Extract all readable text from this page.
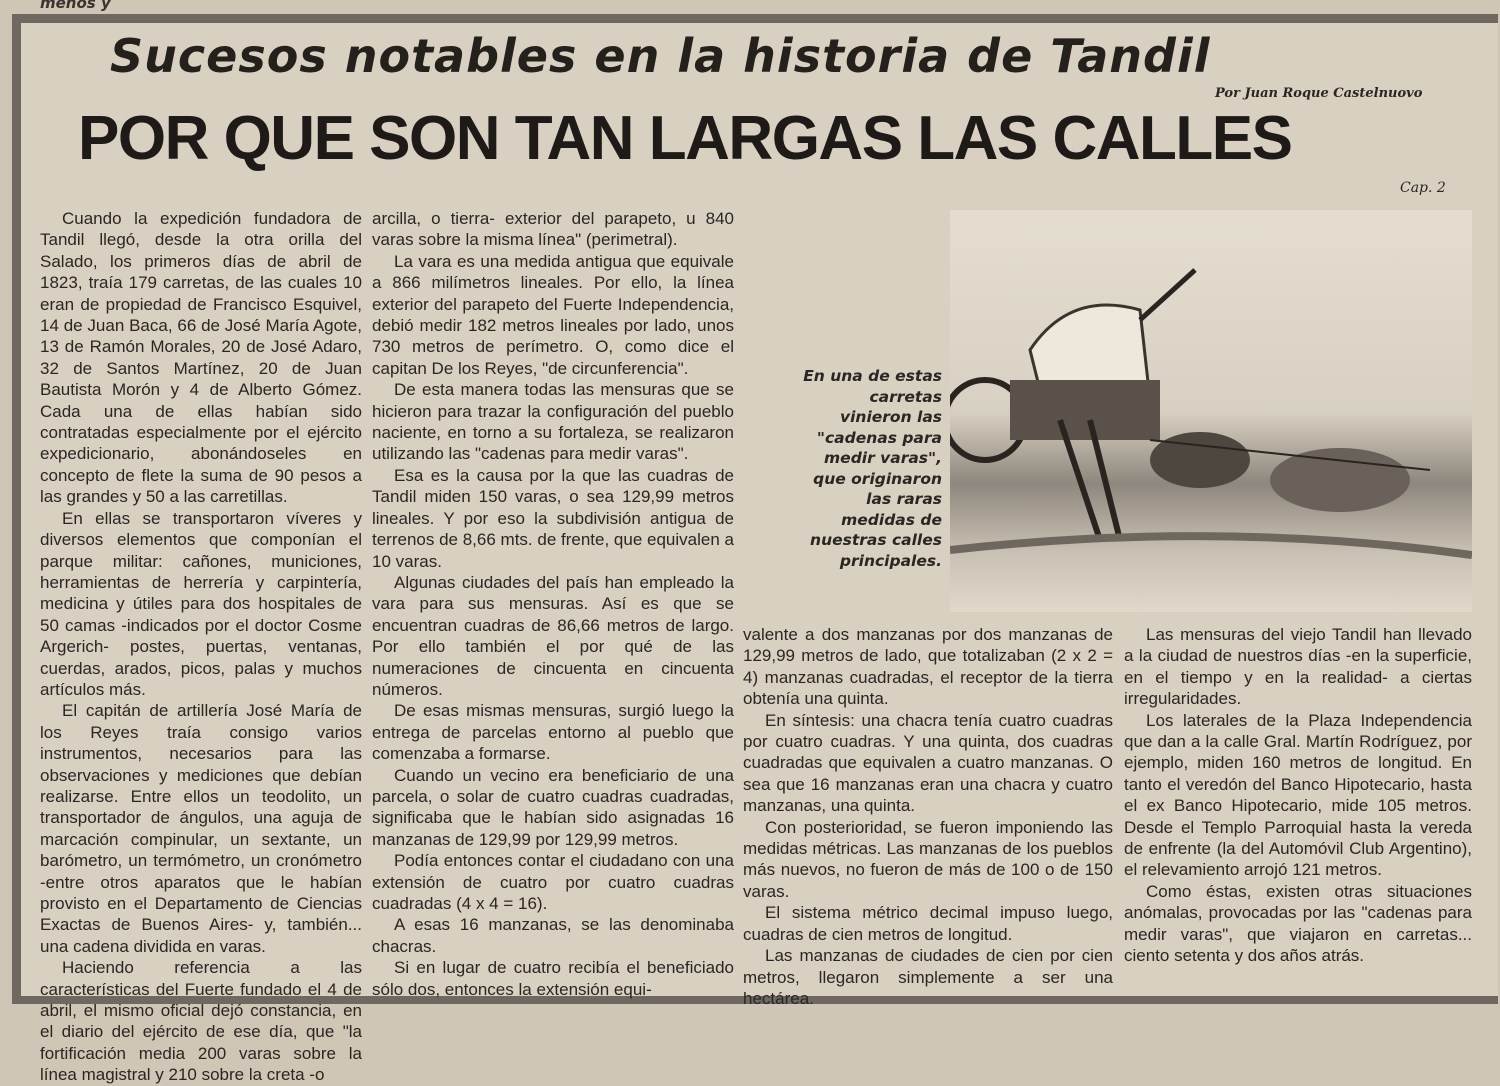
menos y
Sucesos notables en la historia de Tandil
Por Juan Roque Castelnuovo
POR QUE SON TAN LARGAS LAS CALLES
Cap. 2

Cuando la expedición fundadora de Tandil llegó, desde la otra orilla del Salado, los primeros días de abril de 1823, traía 179 carretas, de las cuales 10 eran de propiedad de Francisco Esquivel, 14 de Juan Baca, 66 de José María Agote, 13 de Ramón Morales, 20 de José Adaro, 32 de Santos Martínez, 20 de Juan Bautista Morón y 4 de Alberto Gómez. Cada una de ellas habían sido contratadas especialmente por el ejército expedicionario, abonándoseles en concepto de flete la suma de 90 pesos a las grandes y 50 a las carretillas.

En ellas se transportaron víveres y diversos elementos que componían el parque militar: cañones, municiones, herramientas de herrería y carpintería, medicina y útiles para dos hospitales de 50 camas -indicados por el doctor Cosme Argerich- postes, puertas, ventanas, cuerdas, arados, picos, palas y muchos artículos más.

El capitán de artillería José María de los Reyes traía consigo varios instrumentos, necesarios para las observaciones y mediciones que debían realizarse. Entre ellos un teodolito, un transportador de ángulos, una aguja de marcación compinular, un sextante, un barómetro, un termómetro, un cronómetro -entre otros aparatos que le habían provisto en el Departamento de Ciencias Exactas de Buenos Aires- y, también... una cadena dividida en varas.

Haciendo referencia a las características del Fuerte fundado el 4 de abril, el mismo oficial dejó constancia, en el diario del ejército de ese día, que "la fortificación media 200 varas sobre la línea magistral y 210 sobre la creta -o

arcilla, o tierra- exterior del parapeto, u 840 varas sobre la misma línea" (perimetral).

La vara es una medida antigua que equivale a 866 milímetros lineales. Por ello, la línea exterior del parapeto del Fuerte Independencia, debió medir 182 metros lineales por lado, unos 730 metros de perímetro. O, como dice el capitan De los Reyes, "de circunferencia".

De esta manera todas las mensuras que se hicieron para trazar la configuración del pueblo naciente, en torno a su fortaleza, se realizaron utilizando las "cadenas para medir varas".

Esa es la causa por la que las cuadras de Tandil miden 150 varas, o sea 129,99 metros lineales. Y por eso la subdivisión antigua de terrenos de 8,66 mts. de frente, que equivalen a 10 varas.

Algunas ciudades del país han empleado la vara para sus mensuras. Así es que se encuentran cuadras de 86,66 metros de largo. Por ello también el por qué de las numeraciones de cincuenta en cincuenta números.

De esas mismas mensuras, surgió luego la entrega de parcelas entorno al pueblo que comenzaba a formarse.

Cuando un vecino era beneficiario de una parcela, o solar de cuatro cuadras cuadradas, significaba que le habían sido asignadas 16 manzanas de 129,99 por 129,99 metros.

Podía entonces contar el ciudadano con una extensión de cuatro por cuatro cuadras cuadradas (4 x 4 = 16).

A esas 16 manzanas, se las denominaba chacras.

Si en lugar de cuatro recibía el beneficiado sólo dos, entonces la extensión equi-

En una de estas carretas vinieron las "cadenas para medir varas", que originaron las raras medidas de nuestras calles principales.

valente a dos manzanas por dos manzanas de 129,99 metros de lado, que totalizaban (2 x 2 = 4) manzanas cuadradas, el receptor de la tierra obtenía una quinta.

En síntesis: una chacra tenía cuatro cuadras por cuatro cuadras. Y una quinta, dos cuadras cuadradas que equivalen a cuatro manzanas. O sea que 16 manzanas eran una chacra y cuatro manzanas, una quinta.

Con posterioridad, se fueron imponiendo las medidas métricas. Las manzanas de los pueblos más nuevos, no fueron de más de 100 o de 150 varas.

El sistema métrico decimal impuso luego, cuadras de cien metros de longitud.

Las manzanas de ciudades de cien por cien metros, llegaron simplemente a ser una hectárea.

Las mensuras del viejo Tandil han llevado a la ciudad de nuestros días -en la superficie, en el tiempo y en la realidad- a ciertas irregularidades.

Los laterales de la Plaza Independencia que dan a la calle Gral. Martín Rodríguez, por ejemplo, miden 160 metros de longitud. En tanto el veredón del Banco Hipotecario, hasta el ex Banco Hipotecario, mide 105 metros. Desde el Templo Parroquial hasta la vereda de enfrente (la del Automóvil Club Argentino), el relevamiento arrojó 121 metros.

Como éstas, existen otras situaciones anómalas, provocadas por las "cadenas para medir varas", que viajaron en carretas... ciento setenta y dos años atrás.
